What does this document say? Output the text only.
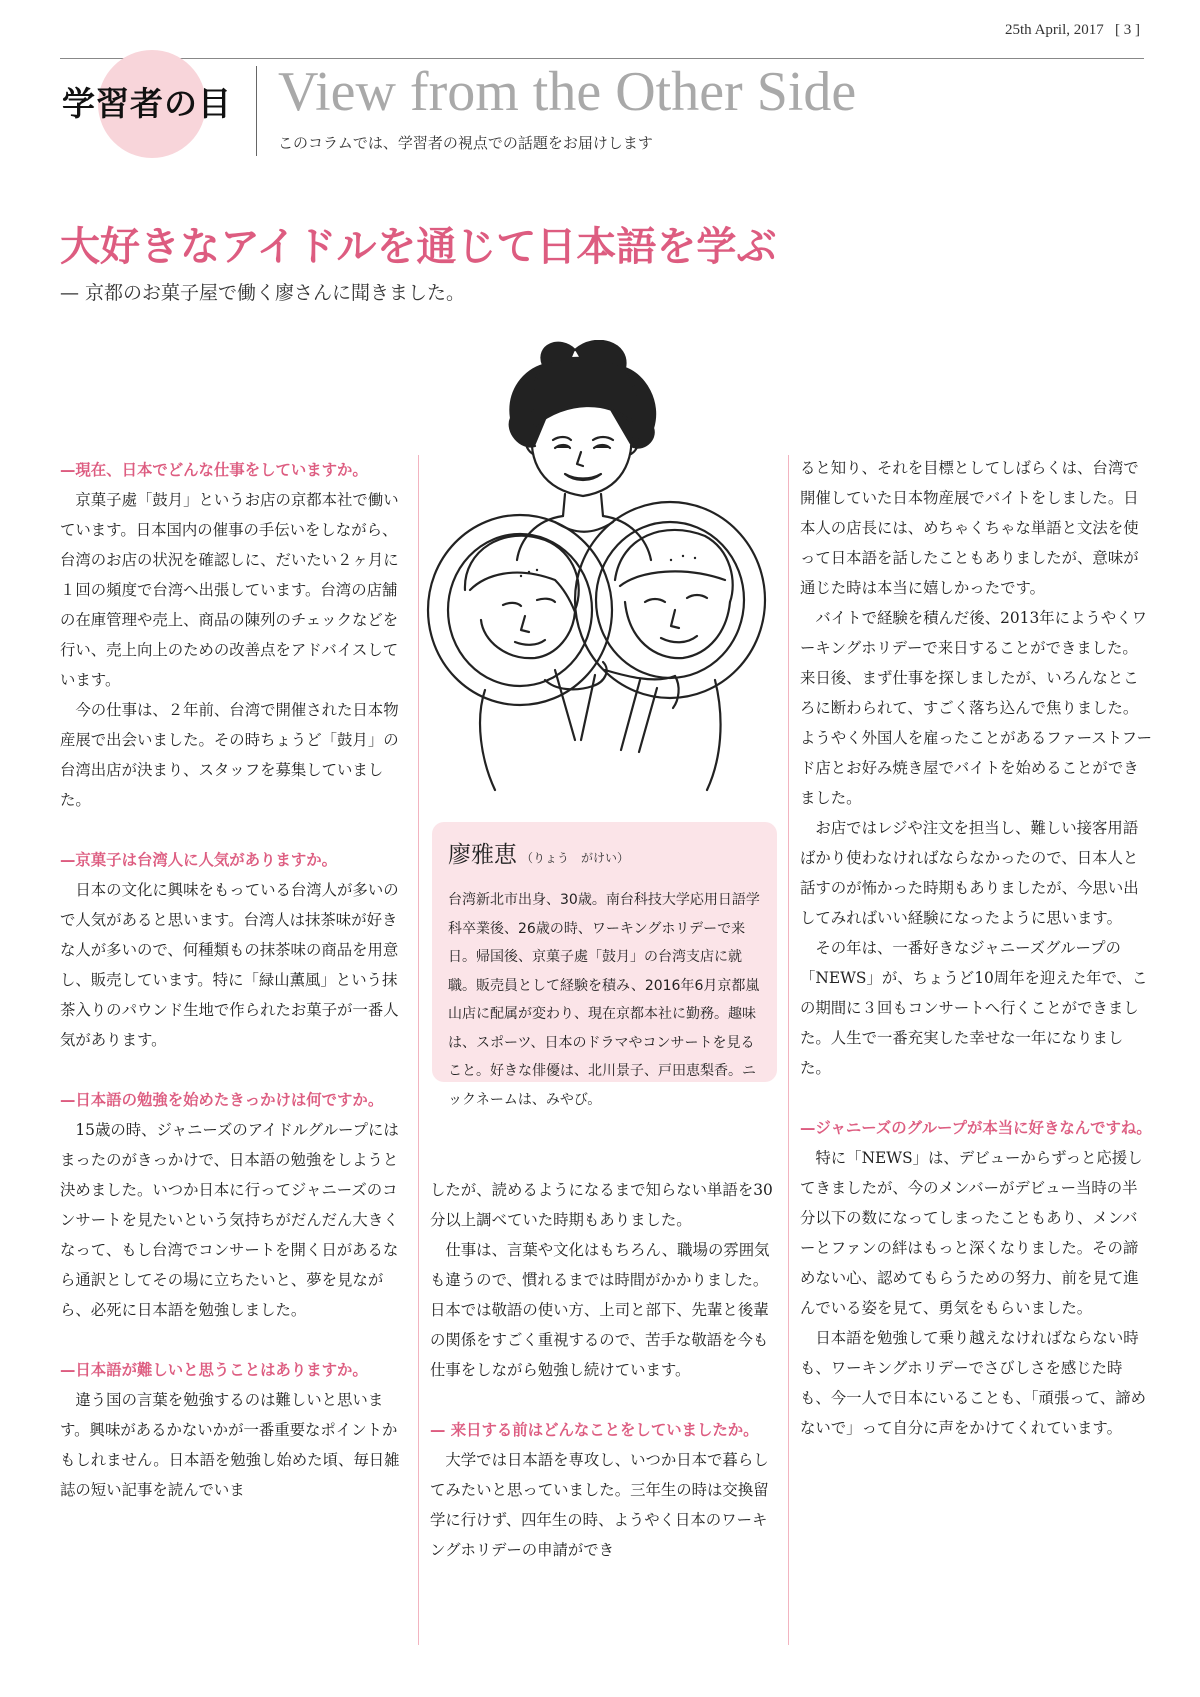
25th April, 2017 [ 3 ]
学習者の目 View from the Other Side
このコラムでは、学習者の視点での話題をお届けします
大好きなアイドルを通じて日本語を学ぶ
— 京都のお菓子屋で働く廖さんに聞きました。
廖雅恵 （りょう　がけい）
台湾新北市出身、30歳。南台科技大学応用日語学科卒業後、26歳の時、ワーキングホリデーで来日。帰国後、京菓子處「鼓月」の台湾支店に就職。販売員として経験を積み、2016年6月京都嵐山店に配属が変わり、現在京都本社に勤務。趣味は、スポーツ、日本のドラマやコンサートを見ること。好きな俳優は、北川景子、戸田恵梨香。ニックネームは、みやび。
—現在、日本でどんな仕事をしていますか。

京菓子處「鼓月」というお店の京都本社で働いています。日本国内の催事の手伝いをしながら、台湾のお店の状況を確認しに、だいたい２ヶ月に１回の頻度で台湾へ出張しています。台湾の店舗の在庫管理や売上、商品の陳列のチェックなどを行い、売上向上のための改善点をアドバイスしています。

今の仕事は、２年前、台湾で開催された日本物産展で出会いました。その時ちょうど「鼓月」の台湾出店が決まり、スタッフを募集していました。

—京菓子は台湾人に人気がありますか。

日本の文化に興味をもっている台湾人が多いので人気があると思います。台湾人は抹茶味が好きな人が多いので、何種類もの抹茶味の商品を用意し、販売しています。特に「緑山薫風」という抹茶入りのパウンド生地で作られたお菓子が一番人気があります。

—日本語の勉強を始めたきっかけは何ですか。

15歳の時、ジャニーズのアイドルグループにはまったのがきっかけで、日本語の勉強をしようと決めました。いつか日本に行ってジャニーズのコンサートを見たいという気持ちがだんだん大きくなって、もし台湾でコンサートを開く日があるなら通訳としてその場に立ちたいと、夢を見ながら、必死に日本語を勉強しました。

—日本語が難しいと思うことはありますか。

違う国の言葉を勉強するのは難しいと思います。興味があるかないかが一番重要なポイントかもしれません。日本語を勉強し始めた頃、毎日雑誌の短い記事を読んでいま

したが、読めるようになるまで知らない単語を30分以上調べていた時期もありました。

仕事は、言葉や文化はもちろん、職場の雰囲気も違うので、慣れるまでは時間がかかりました。日本では敬語の使い方、上司と部下、先輩と後輩の関係をすごく重視するので、苦手な敬語を今も仕事をしながら勉強し続けています。

— 来日する前はどんなことをしていましたか。

大学では日本語を専攻し、いつか日本で暮らしてみたいと思っていました。三年生の時は交換留学に行けず、四年生の時、ようやく日本のワーキングホリデーの申請ができ

ると知り、それを目標としてしばらくは、台湾で開催していた日本物産展でバイトをしました。日本人の店長には、めちゃくちゃな単語と文法を使って日本語を話したこともありましたが、意味が通じた時は本当に嬉しかったです。

バイトで経験を積んだ後、2013年にようやくワーキングホリデーで来日することができました。来日後、まず仕事を探しましたが、いろんなところに断わられて、すごく落ち込んで焦りました。ようやく外国人を雇ったことがあるファーストフード店とお好み焼き屋でバイトを始めることができました。

お店ではレジや注文を担当し、難しい接客用語ばかり使わなければならなかったので、日本人と話すのが怖かった時期もありましたが、今思い出してみればいい経験になったように思います。

その年は、一番好きなジャニーズグループの「NEWS」が、ちょうど10周年を迎えた年で、この期間に３回もコンサートへ行くことができました。人生で一番充実した幸せな一年になりました。

—ジャニーズのグループが本当に好きなんですね。

特に「NEWS」は、デビューからずっと応援してきましたが、今のメンバーがデビュー当時の半分以下の数になってしまったこともあり、メンバーとファンの絆はもっと深くなりました。その諦めない心、認めてもらうための努力、前を見て進んでいる姿を見て、勇気をもらいました。

日本語を勉強して乗り越えなければならない時も、ワーキングホリデーでさびしさを感じた時も、今一人で日本にいることも、「頑張って、諦めないで」って自分に声をかけてくれています。
